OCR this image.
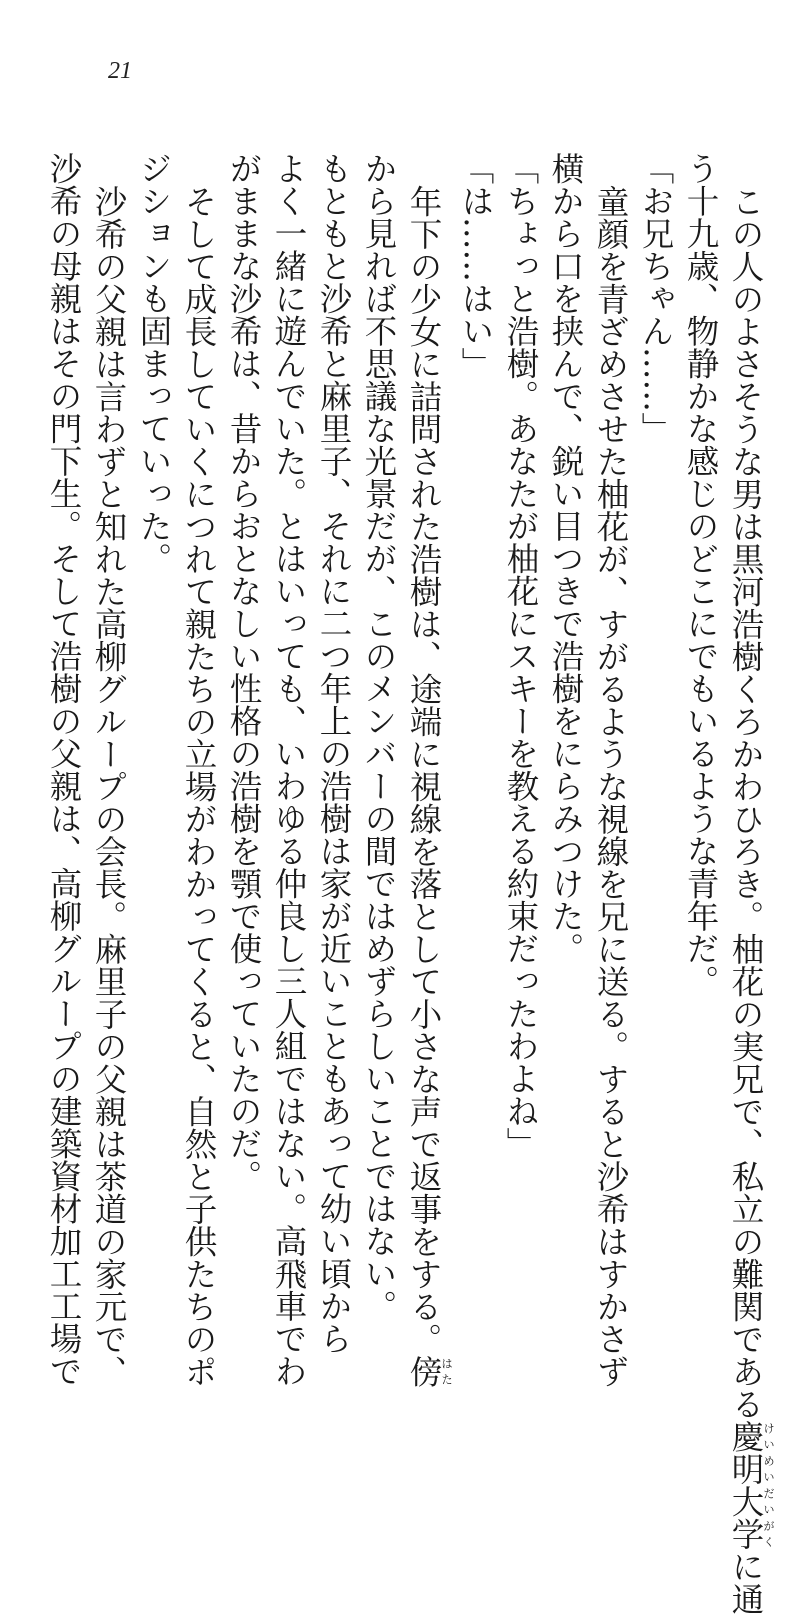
21
この人のよさそうな男は黒河浩樹くろかわひろき。柚花の実兄で、私立の難関である慶明大学けいめいだいがくに通
う十九歳、物静かな感じのどこにでもいるような青年だ。
「お兄ちゃん……」
童顔を青ざめさせた柚花が、すがるような視線を兄に送る。すると沙希はすかさず
横から口を挟んで、鋭い目つきで浩樹をにらみつけた。
「ちょっと浩樹。あなたが柚花にスキーを教える約束だったわよね」
「は……はい」
年下の少女に詰問された浩樹は、途端に視線を落として小さな声で返事をする。傍はた
から見れば不思議な光景だが、このメンバーの間ではめずらしいことではない。
もともと沙希と麻里子、それに二つ年上の浩樹は家が近いこともあって幼い頃から
よく一緒に遊んでいた。とはいっても、いわゆる仲良し三人組ではない。高飛車でわ
がままな沙希は、昔からおとなしい性格の浩樹を顎で使っていたのだ。
そして成長していくにつれて親たちの立場がわかってくると、自然と子供たちのポ
ジションも固まっていった。
沙希の父親は言わずと知れた高柳グループの会長。麻里子の父親は茶道の家元で、
沙希の母親はその門下生。そして浩樹の父親は、高柳グループの建築資材加工工場で
